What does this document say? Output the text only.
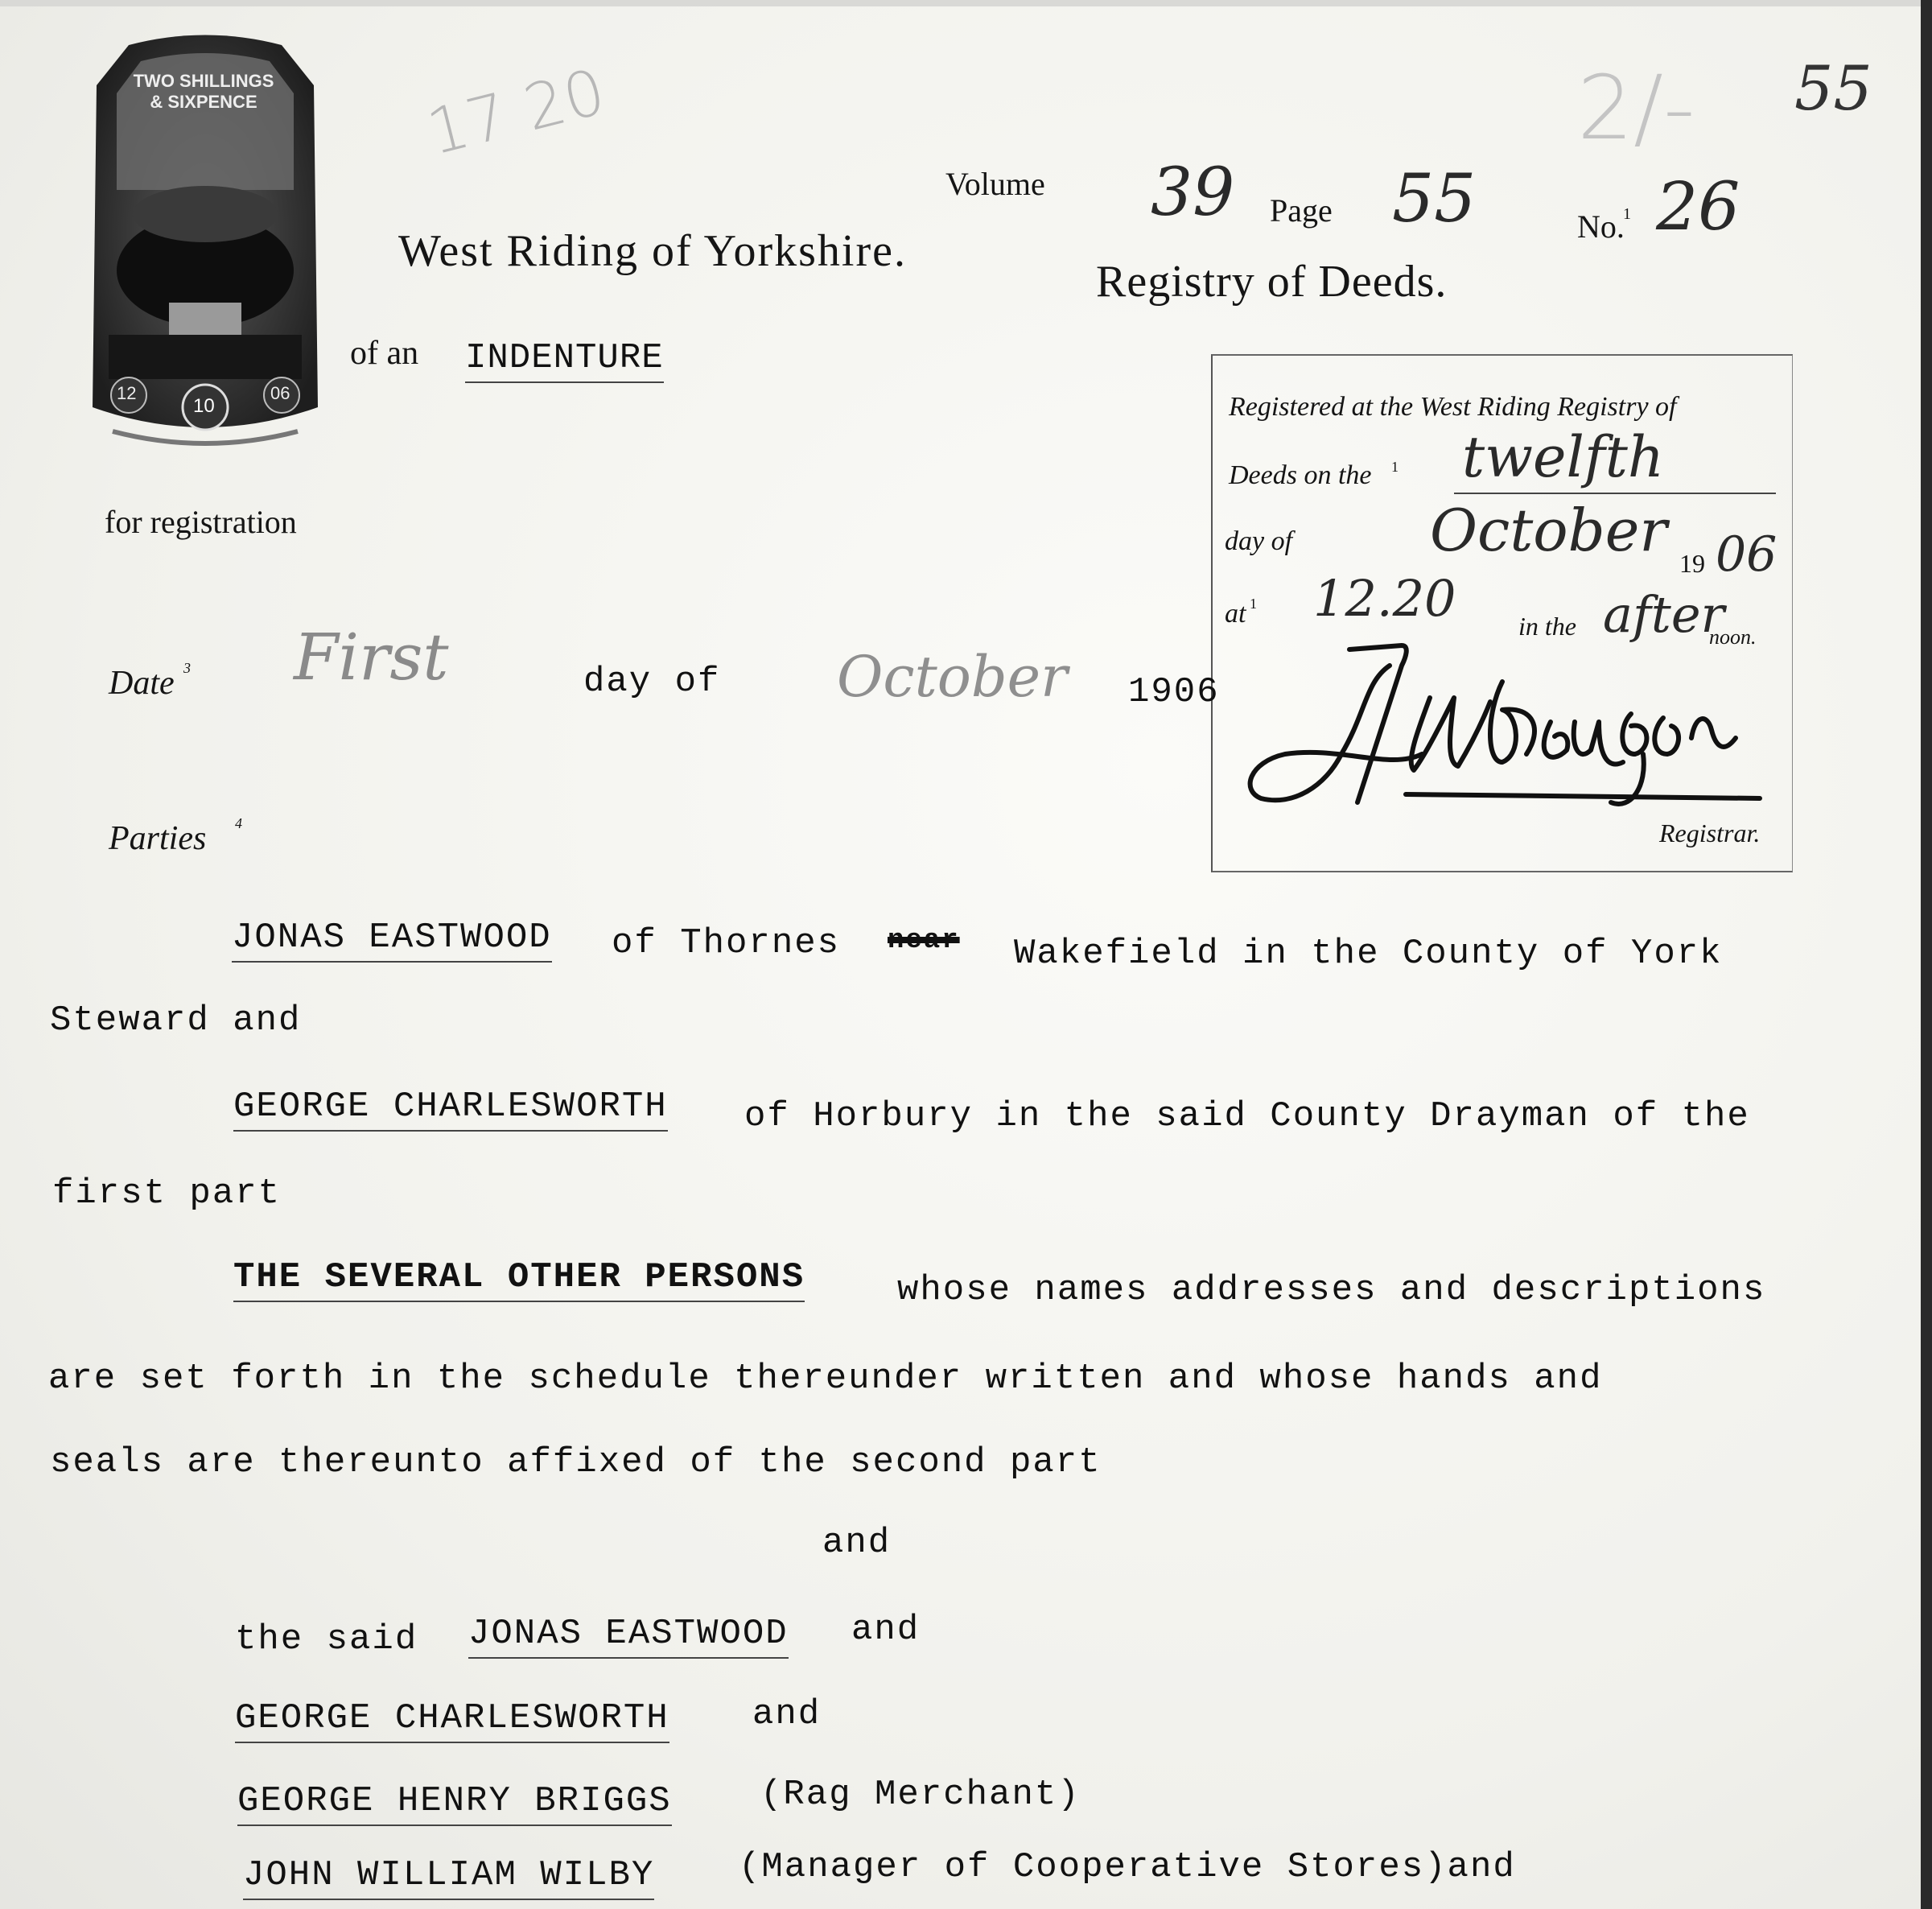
TWO SHILLINGS & SIXPENCE
12
10
06
17 20	2/- 55
Volume 39 Page 55	No.
1 26
West Riding of Yorkshire.
Registry of Deeds.
of an INDENTURE
for registration
Registered at the West Riding Registry of
Deeds on the 1 twelfth
day of October 19 06
at 1 12.20 in the after
noon.
Registrar.
Date 3 First	day of October 1906
Parties 4
JONAS EASTWOOD of Thornes near Wakefield in the County of York
Steward and
GEORGE CHARLESWORTH of Horbury in the said County Drayman of the
first part
THE SEVERAL OTHER PERSONS	whose names addresses and descriptions
are set forth in the schedule thereunder written and whose hands and
seals are thereunto affixed of the second part
and
the said JONAS EASTWOOD and
GEORGE CHARLESWORTH and
GEORGE HENRY BRIGGS	(Rag Merchant)
JOHN WILLIAM WILBY (Manager of Cooperative Stores)and
